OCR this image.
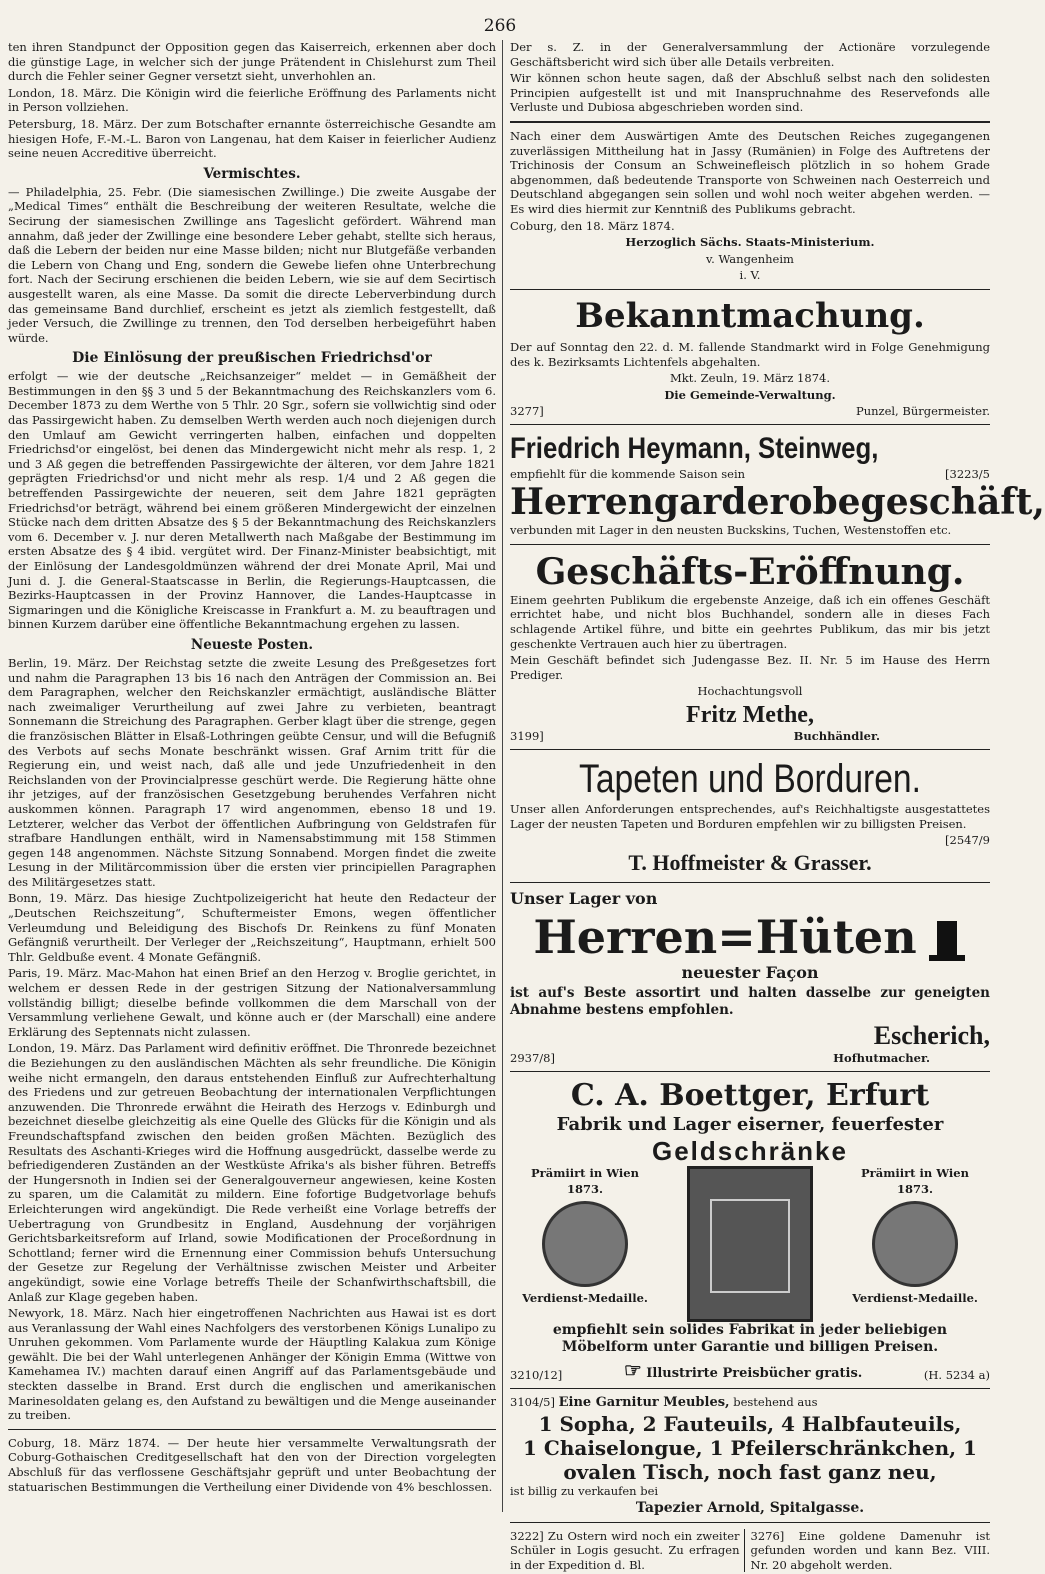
266

ten ihren Standpunct der Opposition gegen das Kaiserreich, erkennen aber doch die günstige Lage, in welcher sich der junge Prätendent in Chislehurst zum Theil durch die Fehler seiner Gegner versetzt sieht, unverhohlen an.

London, 18. März. Die Königin wird die feierliche Eröffnung des Parlaments nicht in Person vollziehen.

Petersburg, 18. März. Der zum Botschafter ernannte österreichische Gesandte am hiesigen Hofe, F.-M.-L. Baron von Langenau, hat dem Kaiser in feierlicher Audienz seine neuen Accreditive überreicht.

Vermischtes.

— Philadelphia, 25. Febr. (Die siamesischen Zwillinge.) Die zweite Ausgabe der „Medical Times“ enthält die Beschreibung der weiteren Resultate, welche die Secirung der siamesischen Zwillinge ans Tageslicht gefördert. Während man annahm, daß jeder der Zwillinge eine besondere Leber gehabt, stellte sich heraus, daß die Lebern der beiden nur eine Masse bilden; nicht nur Blutgefäße verbanden die Lebern von Chang und Eng, sondern die Gewebe liefen ohne Unterbrechung fort. Nach der Secirung erschienen die beiden Lebern, wie sie auf dem Secirtisch ausgestellt waren, als eine Masse. Da somit die directe Leberverbindung durch das gemeinsame Band durchlief, erscheint es jetzt als ziemlich festgestellt, daß jeder Versuch, die Zwillinge zu trennen, den Tod derselben herbeigeführt haben würde.

Die Einlösung der preußischen Friedrichsd'or

erfolgt — wie der deutsche „Reichsanzeiger“ meldet — in Gemäßheit der Bestimmungen in den §§ 3 und 5 der Bekanntmachung des Reichskanzlers vom 6. December 1873 zu dem Werthe von 5 Thlr. 20 Sgr., sofern sie vollwichtig sind oder das Passirgewicht haben. Zu demselben Werth werden auch noch diejenigen durch den Umlauf am Gewicht verringerten halben, einfachen und doppelten Friedrichsd'or eingelöst, bei denen das Mindergewicht nicht mehr als resp. 1, 2 und 3 Aß gegen die betreffenden Passirgewichte der älteren, vor dem Jahre 1821 geprägten Friedrichsd'or und nicht mehr als resp. 1/4 und 2 Aß gegen die betreffenden Passirgewichte der neueren, seit dem Jahre 1821 geprägten Friedrichsd'or beträgt, während bei einem größeren Mindergewicht der einzelnen Stücke nach dem dritten Absatze des § 5 der Bekanntmachung des Reichskanzlers vom 6. December v. J. nur deren Metallwerth nach Maßgabe der Bestimmung im ersten Absatze des § 4 ibid. vergütet wird. Der Finanz-Minister beabsichtigt, mit der Einlösung der Landesgoldmünzen während der drei Monate April, Mai und Juni d. J. die General-Staatscasse in Berlin, die Regierungs-Hauptcassen, die Bezirks-Hauptcassen in der Provinz Hannover, die Landes-Hauptcasse in Sigmaringen und die Königliche Kreiscasse in Frankfurt a. M. zu beauftragen und binnen Kurzem darüber eine öffentliche Bekanntmachung ergehen zu lassen.

Neueste Posten.

Berlin, 19. März. Der Reichstag setzte die zweite Lesung des Preßgesetzes fort und nahm die Paragraphen 13 bis 16 nach den Anträgen der Commission an. Bei dem Paragraphen, welcher den Reichskanzler ermächtigt, ausländische Blätter nach zweimaliger Verurtheilung auf zwei Jahre zu verbieten, beantragt Sonnemann die Streichung des Paragraphen. Gerber klagt über die strenge, gegen die französischen Blätter in Elsaß-Lothringen geübte Censur, und will die Befugniß des Verbots auf sechs Monate beschränkt wissen. Graf Arnim tritt für die Regierung ein, und weist nach, daß alle und jede Unzufriedenheit in den Reichslanden von der Provincialpresse geschürt werde. Die Regierung hätte ohne ihr jetziges, auf der französischen Gesetzgebung beruhendes Verfahren nicht auskommen können. Paragraph 17 wird angenommen, ebenso 18 und 19. Letzterer, welcher das Verbot der öffentlichen Aufbringung von Geldstrafen für strafbare Handlungen enthält, wird in Namensabstimmung mit 158 Stimmen gegen 148 angenommen. Nächste Sitzung Sonnabend. Morgen findet die zweite Lesung in der Militärcommission über die ersten vier principiellen Paragraphen des Militärgesetzes statt.

Bonn, 19. März. Das hiesige Zuchtpolizeigericht hat heute den Redacteur der „Deutschen Reichszeitung“, Schuftermeister Emons, wegen öffentlicher Verleumdung und Beleidigung des Bischofs Dr. Reinkens zu fünf Monaten Gefängniß verurtheilt. Der Verleger der „Reichszeitung“, Hauptmann, erhielt 500 Thlr. Geldbuße event. 4 Monate Gefängniß.

Paris, 19. März. Mac-Mahon hat einen Brief an den Herzog v. Broglie gerichtet, in welchem er dessen Rede in der gestrigen Sitzung der Nationalversammlung vollständig billigt; dieselbe befinde vollkommen die dem Marschall von der Versammlung verliehene Gewalt, und könne auch er (der Marschall) eine andere Erklärung des Septennats nicht zulassen.

London, 19. März. Das Parlament wird definitiv eröffnet. Die Thronrede bezeichnet die Beziehungen zu den ausländischen Mächten als sehr freundliche. Die Königin weihe nicht ermangeln, den daraus entstehenden Einfluß zur Aufrechterhaltung des Friedens und zur getreuen Beobachtung der internationalen Verpflichtungen anzuwenden. Die Thronrede erwähnt die Heirath des Herzogs v. Edinburgh und bezeichnet dieselbe gleichzeitig als eine Quelle des Glücks für die Königin und als Freundschaftspfand zwischen den beiden großen Mächten. Bezüglich des Resultats des Aschanti-Krieges wird die Hoffnung ausgedrückt, dasselbe werde zu befriedigenderen Zuständen an der Westküste Afrika's als bisher führen. Betreffs der Hungersnoth in Indien sei der Generalgouverneur angewiesen, keine Kosten zu sparen, um die Calamität zu mildern. Eine fofortige Budgetvorlage behufs Erleichterungen wird angekündigt. Die Rede verheißt eine Vorlage betreffs der Uebertragung von Grundbesitz in England, Ausdehnung der vorjährigen Gerichtsbarkeitsreform auf Irland, sowie Modificationen der Proceßordnung in Schottland; ferner wird die Ernennung einer Commission behufs Untersuchung der Gesetze zur Regelung der Verhältnisse zwischen Meister und Arbeiter angekündigt, sowie eine Vorlage betreffs Theile der Schanfwirthschaftsbill, die Anlaß zur Klage gegeben haben.

Newyork, 18. März. Nach hier eingetroffenen Nachrichten aus Hawai ist es dort aus Veranlassung der Wahl eines Nachfolgers des verstorbenen Königs Lunalipo zu Unruhen gekommen. Vom Parlamente wurde der Häuptling Kalakua zum Könige gewählt. Die bei der Wahl unterlegenen Anhänger der Königin Emma (Wittwe von Kamehamea IV.) machten darauf einen Angriff auf das Parlamentsgebäude und steckten dasselbe in Brand. Erst durch die englischen und amerikanischen Marinesoldaten gelang es, den Aufstand zu bewältigen und die Menge auseinander zu treiben.

Coburg, 18. März 1874. — Der heute hier versammelte Verwaltungsrath der Coburg-Gothaischen Creditgesellschaft hat den von der Direction vorgelegten Abschluß für das verflossene Geschäftsjahr geprüft und unter Beobachtung der statuarischen Bestimmungen die Vertheilung einer Dividende von 4% beschlossen.

Der s. Z. in der Generalversammlung der Actionäre vorzulegende Geschäftsbericht wird sich über alle Details verbreiten.

Wir können schon heute sagen, daß der Abschluß selbst nach den solidesten Principien aufgestellt ist und mit Inanspruchnahme des Reservefonds alle Verluste und Dubiosa abgeschrieben worden sind.

Nach einer dem Auswärtigen Amte des Deutschen Reiches zugegangenen zuverlässigen Mittheilung hat in Jassy (Rumänien) in Folge des Auftretens der Trichinosis der Consum an Schweinefleisch plötzlich in so hohem Grade abgenommen, daß bedeutende Transporte von Schweinen nach Oesterreich und Deutschland abgegangen sein sollen und wohl noch weiter abgehen werden. — Es wird dies hiermit zur Kenntniß des Publikums gebracht.

Coburg, den 18. März 1874.

Herzoglich Sächs. Staats-Ministerium.

v. Wangenheim

i. V.

Bekanntmachung.

Der auf Sonntag den 22. d. M. fallende Standmarkt wird in Folge Genehmigung des k. Bezirksamts Lichtenfels abgehalten.

Mkt. Zeuln, 19. März 1874.

Die Gemeinde-Verwaltung.

3277]	Punzel, Bürgermeister.
Friedrich Heymann, Steinweg,
empfiehlt für die kommende Saison sein	[3223/5
Herrengarderobegeschäft,

verbunden mit Lager in den neusten Buckskins, Tuchen, Westenstoffen etc.

Geschäfts-Eröffnung.

Einem geehrten Publikum die ergebenste Anzeige, daß ich ein offenes Geschäft errichtet habe, und nicht blos Buchhandel, sondern alle in dieses Fach schlagende Artikel führe, und bitte ein geehrtes Publikum, das mir bis jetzt geschenkte Vertrauen auch hier zu übertragen.

Mein Geschäft befindet sich Judengasse Bez. II. Nr. 5 im Hause des Herrn Prediger.

Hochachtungsvoll

Fritz Methe,
3199]	Buchhändler.
Tapeten und Borduren.

Unser allen Anforderungen entsprechendes, auf's Reichhaltigste ausgestattetes Lager der neusten Tapeten und Borduren empfehlen wir zu billigsten Preisen.

[2547/9

T. Hoffmeister & Grasser.

Unser Lager von

Herren=Hüten

neuester Façon

ist auf's Beste assortirt und halten dasselbe zur geneigten Abnahme bestens empfohlen.

Escherich,
2937/8]	Hofhutmacher.
C. A. Boettger, Erfurt
Fabrik und Lager eiserner, feuerfester
Geldschränke

Prämiirt in Wien

1873.

Verdienst-Medaille.

Prämiirt in Wien

1873.

Verdienst-Medaille.

empfiehlt sein solides Fabrikat in jeder beliebigen Möbelform unter Garantie und billigen Preisen.

3210/12]	☞ Illustrirte Preisbücher gratis.	(H. 5234 a)

3104/5] Eine Garnitur Meubles, bestehend aus

1 Sopha, 2 Fauteuils, 4 Halbfauteuils,
1 Chaiselongue, 1 Pfeilerschränkchen, 1 ovalen Tisch, noch fast ganz neu,

ist billig zu verkaufen bei

Tapezier Arnold, Spitalgasse.

3222] Zu Ostern wird noch ein zweiter Schüler in Logis gesucht. Zu erfragen in der Expedition d. Bl.

3276] Eine goldene Damenuhr ist gefunden worden und kann Bez. VIII. Nr. 20 abgeholt werden.
